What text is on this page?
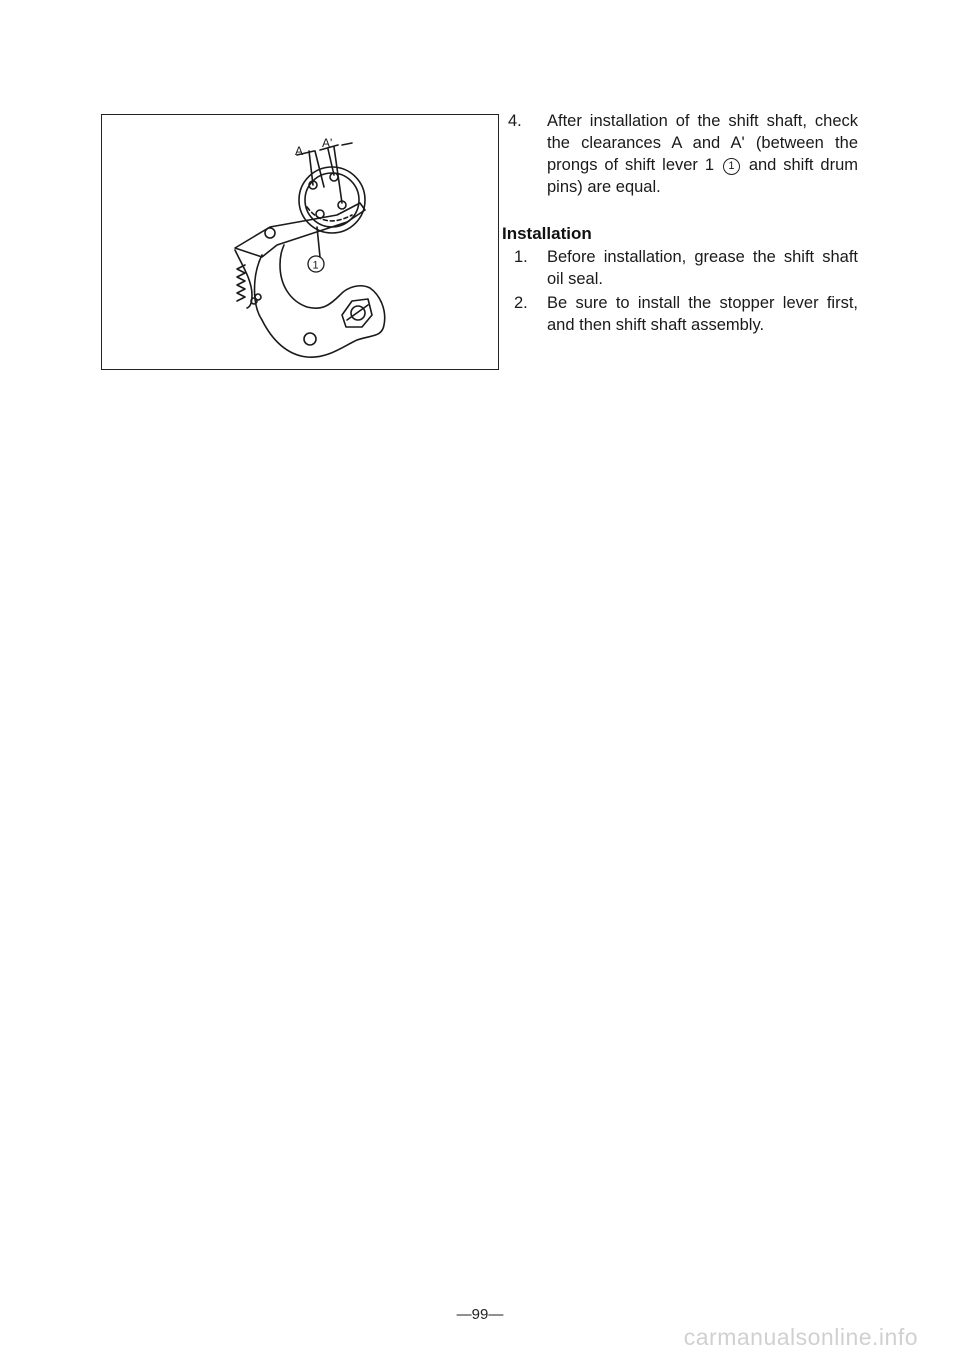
A
A'
1
4.	After installation of the shift shaft, check the clearances A and A' (between the prongs of shift lever 1 1 and shift drum pins) are equal.
Installation
1.	Before installation, grease the shift shaft oil seal.
2.	Be sure to install the stopper lever first, and then shift shaft assembly.
—99—
carmanualsonline.info
